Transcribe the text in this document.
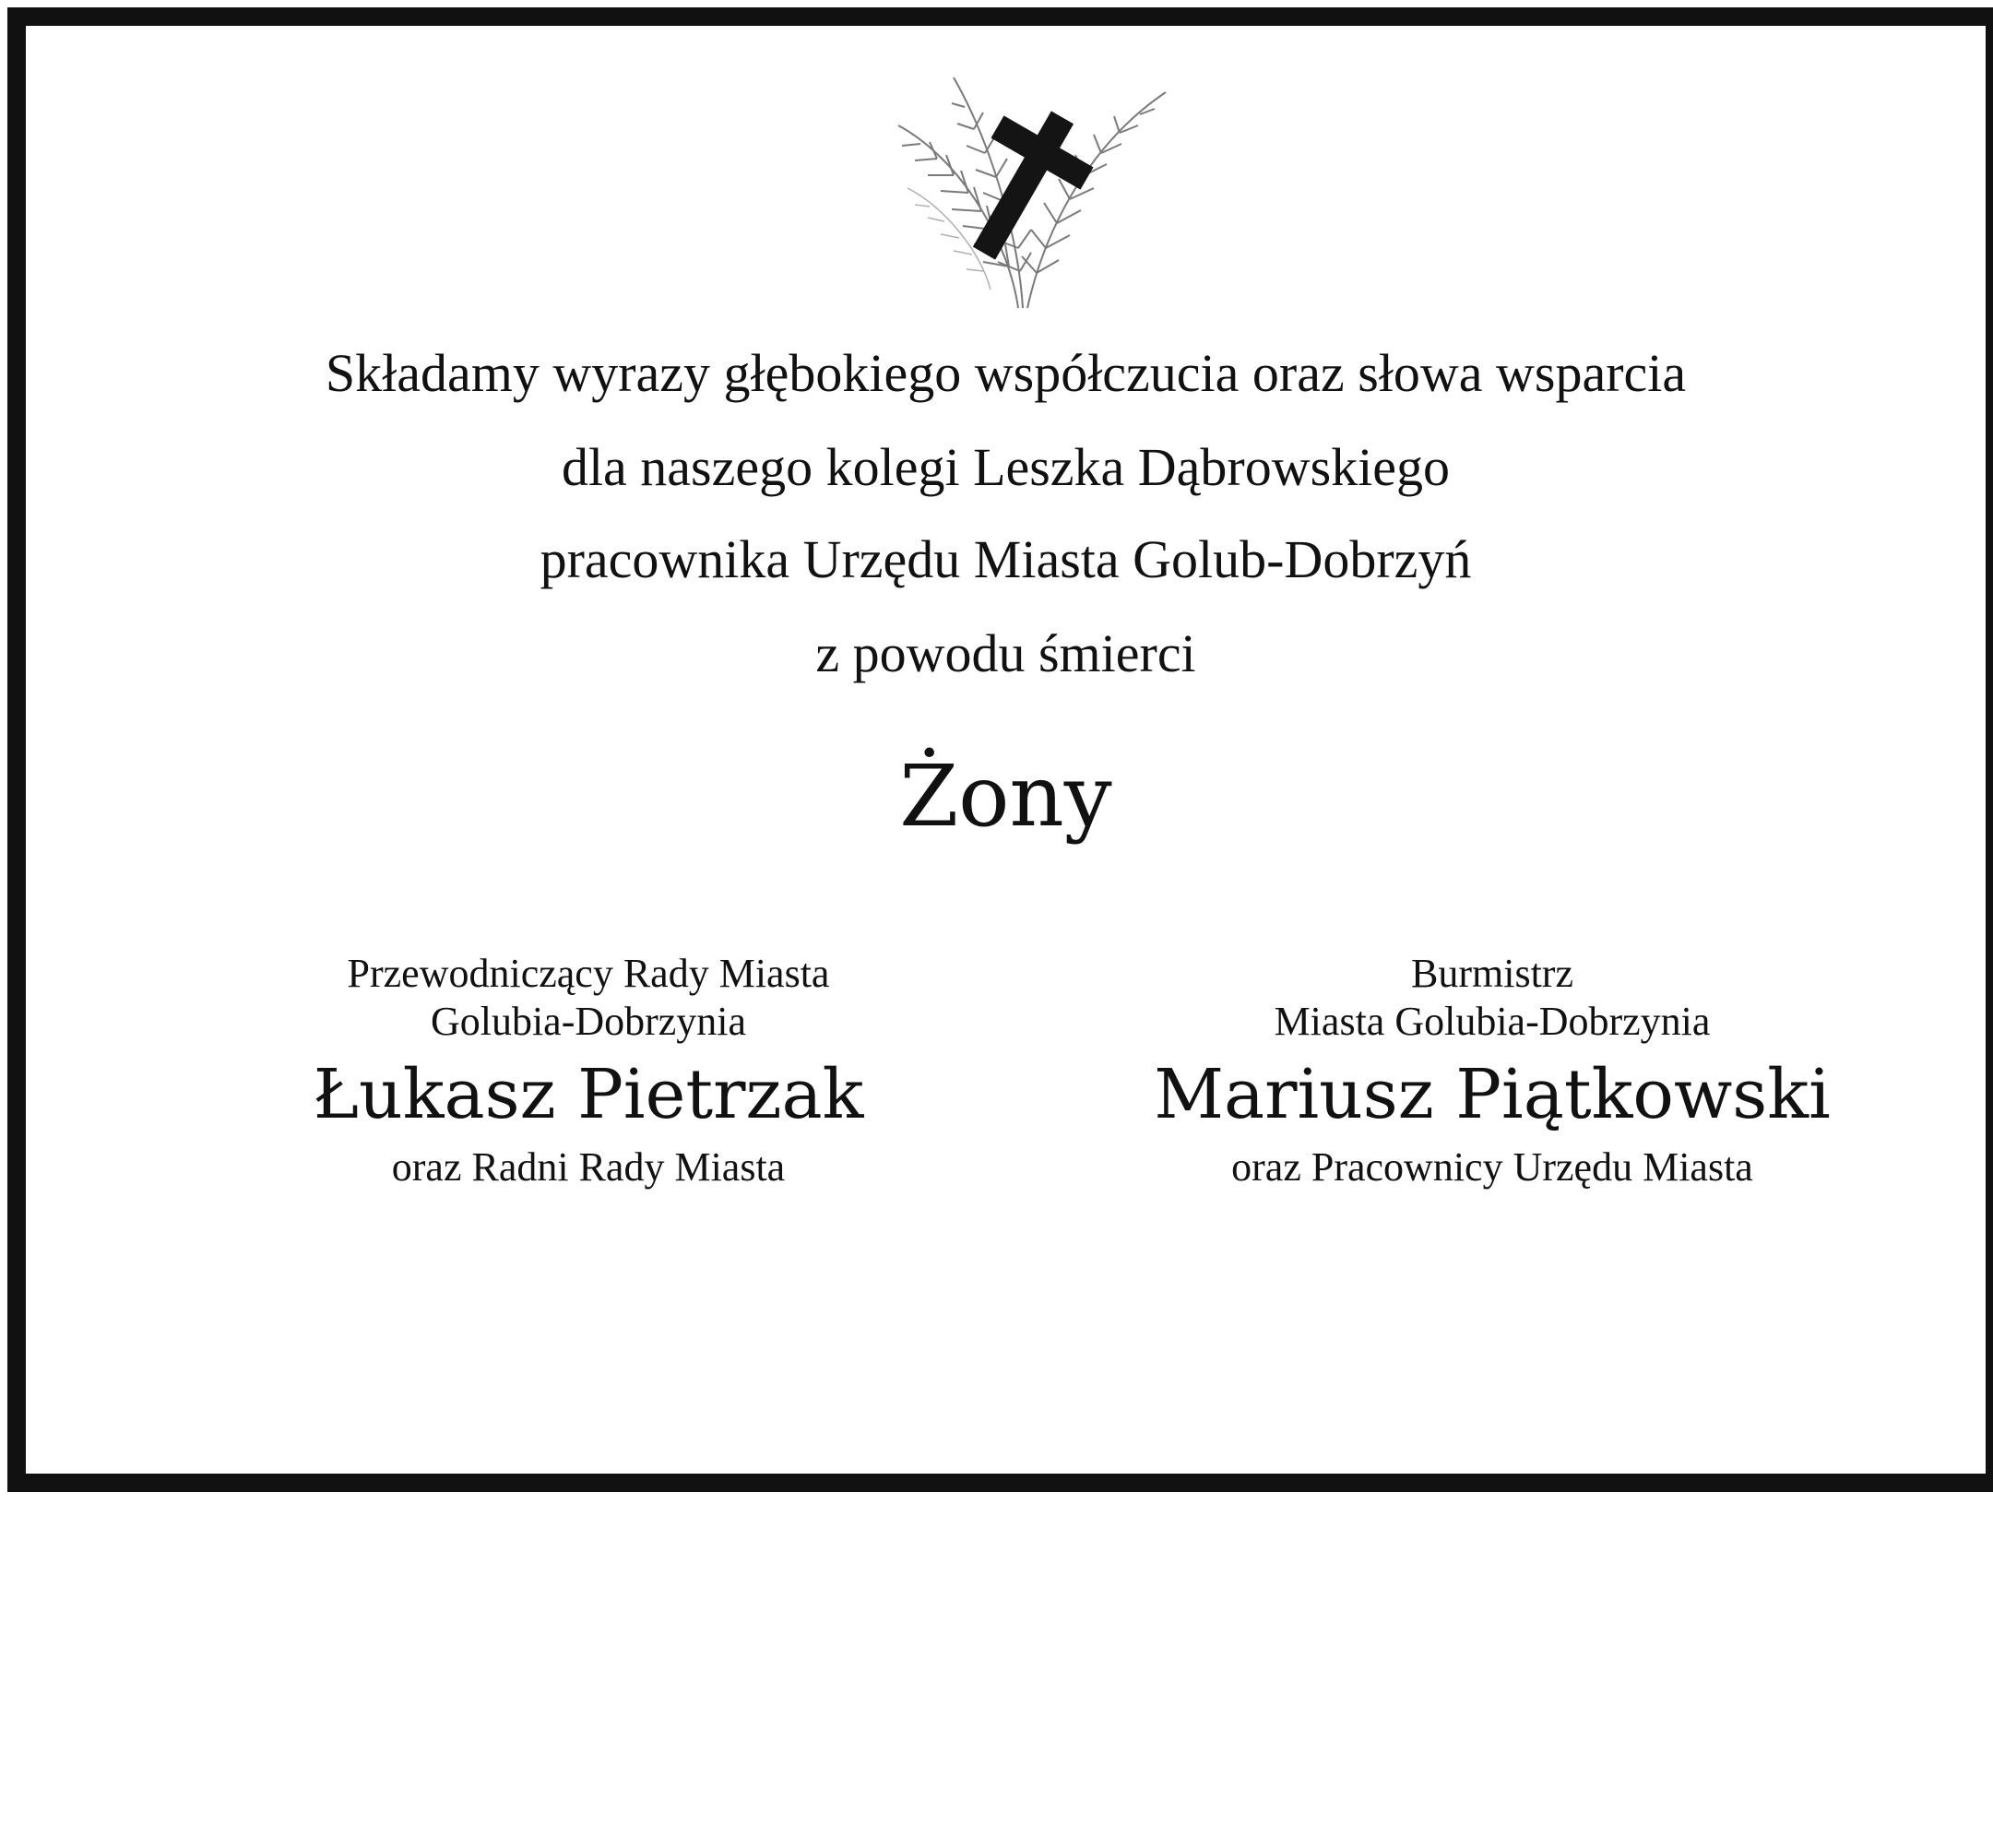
Składamy wyrazy głębokiego współczucia oraz słowa wsparcia
dla naszego kolegi Leszka Dąbrowskiego
pracownika Urzędu Miasta Golub-Dobrzyń
z powodu śmierci
Żony
Przewodniczący Rady Miasta
Golubia-Dobrzynia
Łukasz Pietrzak
oraz Radni Rady Miasta
Burmistrz
Miasta Golubia-Dobrzynia
Mariusz Piątkowski
oraz Pracownicy Urzędu Miasta
